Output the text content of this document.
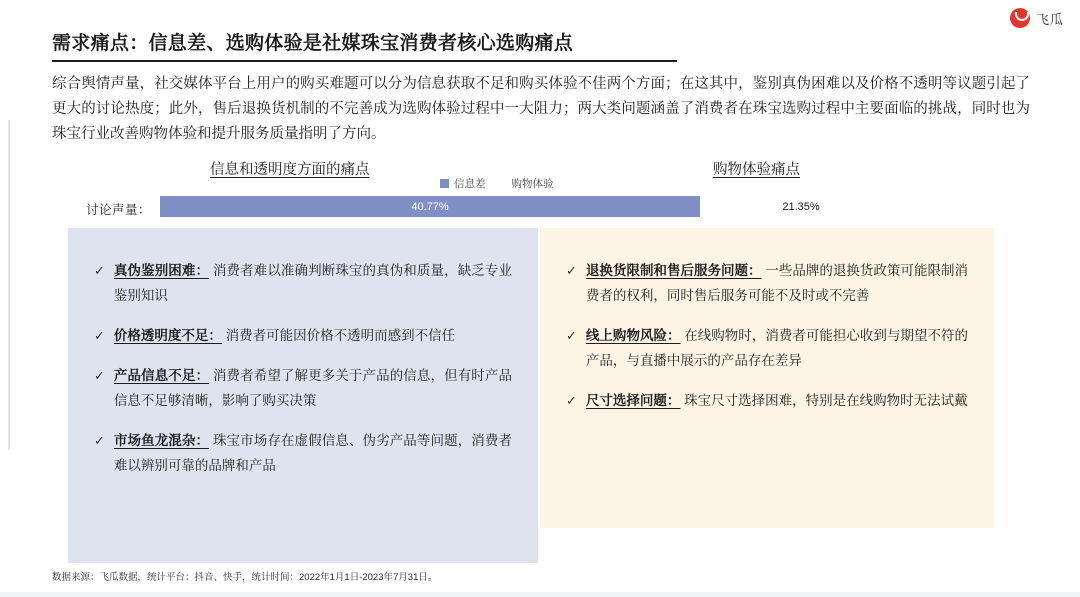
飞瓜
需求痛点：信息差、选购体验是社媒珠宝消费者核心选购痛点
综合舆情声量，社交媒体平台上用户的购买难题可以分为信息获取不足和购买体验不佳两个方面；在这其中，鉴别真伪困难以及价格不透明等议题引起了更大的讨论热度；此外，售后退换货机制的不完善成为选购体验过程中一大阻力；两大类问题涵盖了消费者在珠宝选购过程中主要面临的挑战，同时也为珠宝行业改善购物体验和提升服务质量指明了方向。
信息和透明度方面的痛点	购物体验痛点
信息差 购物体验
讨论声量：	40.77%	21.35%
✓ 真伪鉴别困难： 消费者难以准确判断珠宝的真伪和质量，缺乏专业鉴别知识
✓ 价格透明度不足： 消费者可能因价格不透明而感到不信任
✓ 产品信息不足： 消费者希望了解更多关于产品的信息，但有时产品信息不足够清晰，影响了购买决策
✓ 市场鱼龙混杂： 珠宝市场存在虚假信息、伪劣产品等问题，消费者难以辨别可靠的品牌和产品
✓ 退换货限制和售后服务问题： 一些品牌的退换货政策可能限制消费者的权利，同时售后服务可能不及时或不完善
✓ 线上购物风险： 在线购物时，消费者可能担心收到与期望不符的产品，与直播中展示的产品存在差异
✓ 尺寸选择问题： 珠宝尺寸选择困难，特别是在线购物时无法试戴
数据来源：飞瓜数据，统计平台：抖音、快手，统计时间：2022年1月1日-2023年7月31日。
